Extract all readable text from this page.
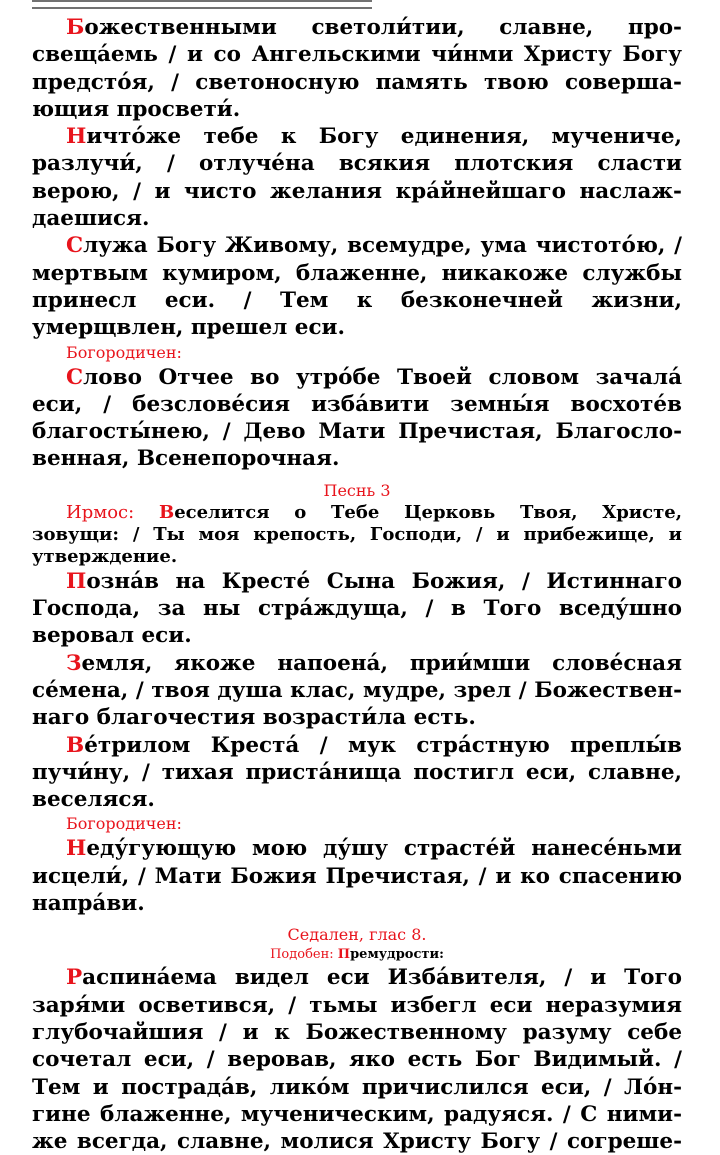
Божественными светоли́тии, славне, про-
свеща́емь / и со Ангельскими чи́нми Христу Богу
предсто́я, / светоносную память твою совершa-
ющия просвети́.
Ничто́же тебе к Богу единения, мучениче,
разлучи́, / отлуче́на всякия плотския сласти
верою, / и чисто желания кра́йнейшаго наслаж-
даешися.
Служа Богу Живому, всемудре, ума чистото́ю, /
мертвым кумиром, блаженне, никакоже службы
принесл еси. / Тем к безконечней жизни,
умерщвлен, прешел еси.
Богородичен:
Слово Отчее во утро́бе Твоей словом зачала́
еси, / безслове́сия изба́вити земны́я восхоте́в
благосты́нею, / Дево Мати Пречистая, Благосло-
венная, Всенепорочная.
Песнь 3
Ирмос: Веселится о Тебе Церковь Твоя, Христе,
зовущи: / Ты моя крепость, Господи, / и прибежище, и
утверждение.
Позна́в на Кресте́ Сына Божия, / Истиннаго
Господа, за ны стра́ждуща, / в Того вседу́шно
веровал еси.
Земля, якоже напоена́, прии́мши слове́сная
се́мена, / твоя душа клас, мудре, зрел / Божествен-
наго благочестия возрасти́ла есть.
Ве́трилом Креста́ / мук стра́стную преплы́в
пучи́ну, / тихая приста́нища постигл еси, славне,
веселяся.
Богородичен:
Неду́гующую мою ду́шу страсте́й нанесе́ньми
исцели́, / Мати Божия Пречистая, / и ко спасению
напра́ви.
Седален, глас 8.
Подобен: Премудрости:
Распина́ема видел еси Изба́вителя, / и Того
заря́ми осветився, / тьмы избегл еси неразумия
глубочайшия / и к Божественному разуму себе
сочетал еси, / веровав, яко есть Бог Видимый. /
Тем и пострада́в, лико́м причислился еси, / Ло́н-
гине блаженне, мученическим, радуяся. / С ними-
же всегда, славне, молися Христу Богу / согреше-
